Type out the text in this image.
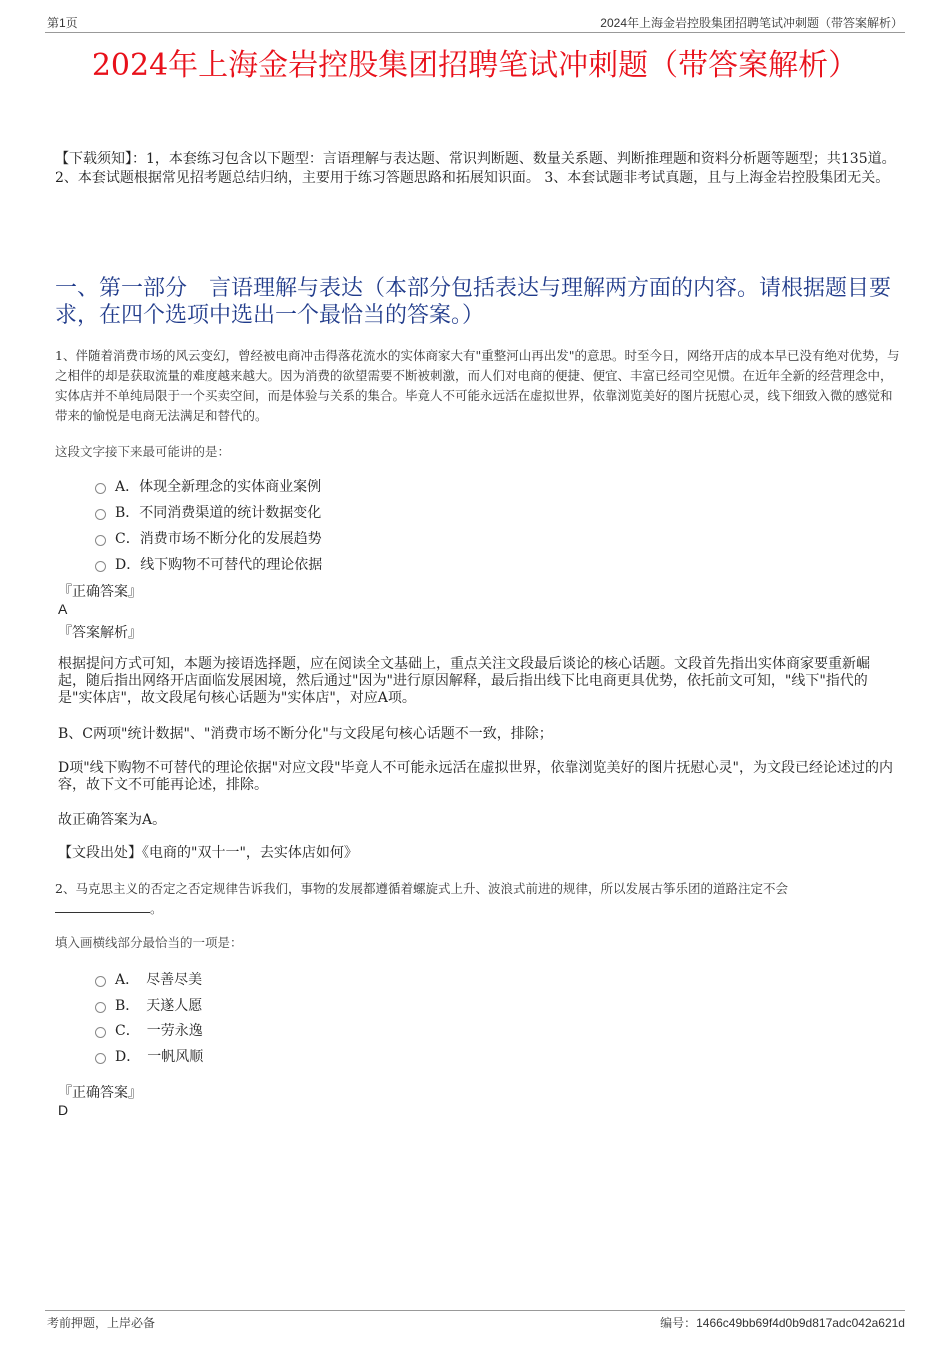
第1页	2024年上海金岩控股集团招聘笔试冲刺题（带答案解析）
2024年上海金岩控股集团招聘笔试冲刺题（带答案解析）
【下载须知】：1，本套练习包含以下题型：言语理解与表达题、常识判断题、数量关系题、判断推理题和资料分析题等题型；共135道。 2、本套试题根据常见招考题总结归纳，主要用于练习答题思路和拓展知识面。 3、本套试题非考试真题，且与上海金岩控股集团无关。
一、第一部分　言语理解与表达（本部分包括表达与理解两方面的内容。请根据题目要求，在四个选项中选出一个最恰当的答案。）
1、伴随着消费市场的风云变幻，曾经被电商冲击得落花流水的实体商家大有"重整河山再出发"的意思。时至今日，网络开店的成本早已没有绝对优势，与之相伴的却是获取流量的难度越来越大。因为消费的欲望需要不断被刺激，而人们对电商的便捷、便宜、丰富已经司空见惯。在近年全新的经营理念中，实体店并不单纯局限于一个买卖空间，而是体验与关系的集合。毕竟人不可能永远活在虚拟世界，依靠浏览美好的图片抚慰心灵，线下细致入微的感觉和带来的愉悦是电商无法满足和替代的。
这段文字接下来最可能讲的是：
A．体现全新理念的实体商业案例
B．不同消费渠道的统计数据变化
C．消费市场不断分化的发展趋势
D．线下购物不可替代的理论依据
『正确答案』
A
『答案解析』
根据提问方式可知，本题为接语选择题，应在阅读全文基础上，重点关注文段最后谈论的核心话题。文段首先指出实体商家要重新崛起，随后指出网络开店面临发展困境，然后通过"因为"进行原因解释，最后指出线下比电商更具优势，依托前文可知，"线下"指代的是"实体店"，故文段尾句核心话题为"实体店"，对应A项。
B、C两项"统计数据"、"消费市场不断分化"与文段尾句核心话题不一致，排除；
D项"线下购物不可替代的理论依据"对应文段"毕竟人不可能永远活在虚拟世界，依靠浏览美好的图片抚慰心灵"，为文段已经论述过的内容，故下文不可能再论述，排除。
故正确答案为A。
【文段出处】《电商的"双十一"，去实体店如何》
2、马克思主义的否定之否定规律告诉我们，事物的发展都遵循着螺旋式上升、波浪式前进的规律，所以发展古筝乐团的道路注定不会
。
填入画横线部分最恰当的一项是：
A．　尽善尽美
B．　天遂人愿
C．　一劳永逸
D．　一帆风顺
『正确答案』
D
考前押题，上岸必备	编号：1466c49bb69f4d0b9d817adc042a621d
